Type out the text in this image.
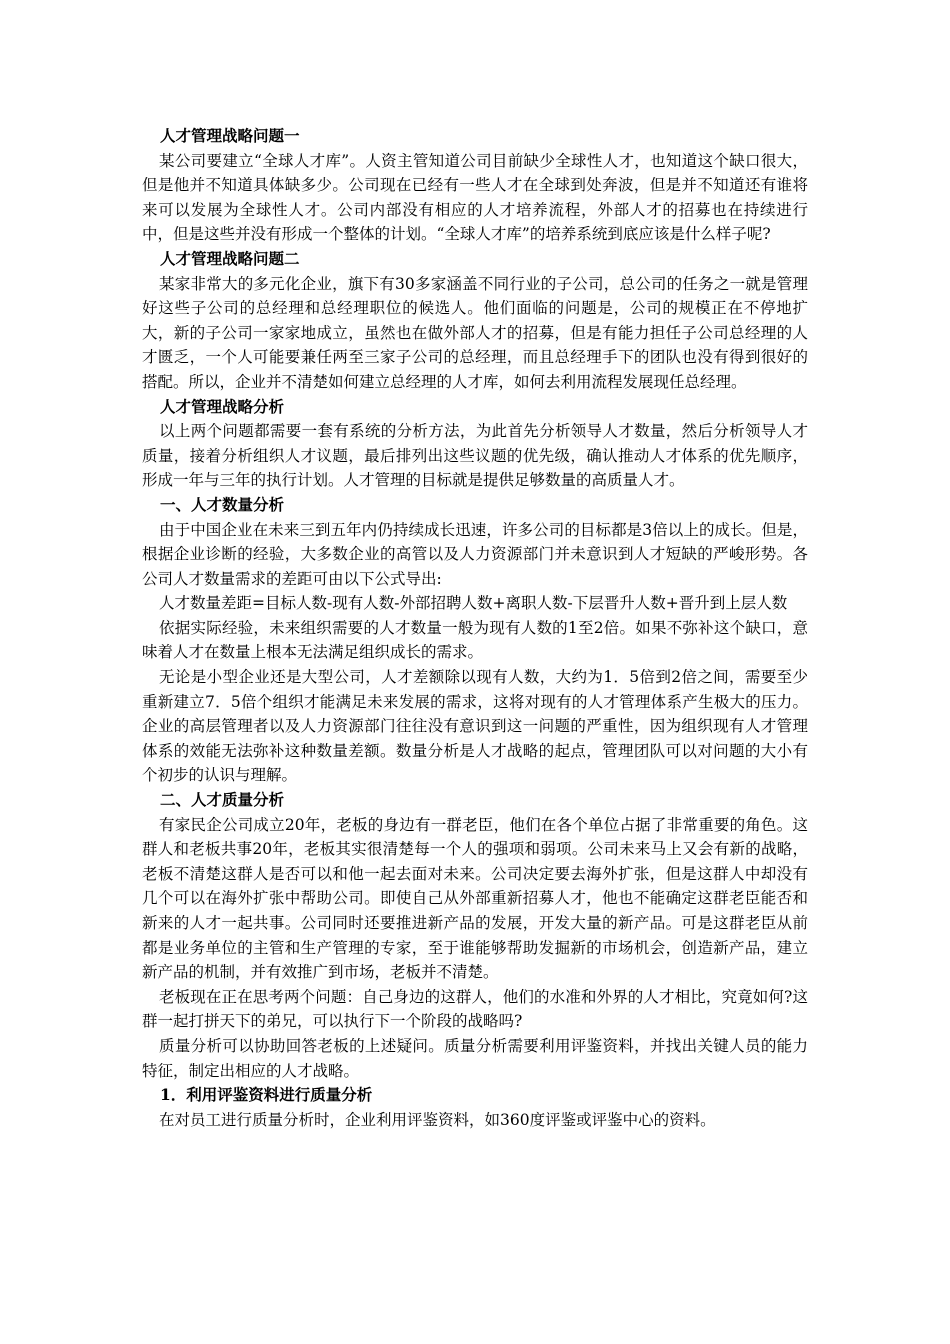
人才管理战略问题一

某公司要建立“全球人才库”。人资主管知道公司目前缺少全球性人才，也知道这个缺口很大，但是他并不知道具体缺多少。公司现在已经有一些人才在全球到处奔波，但是并不知道还有谁将来可以发展为全球性人才。公司内部没有相应的人才培养流程，外部人才的招募也在持续进行中，但是这些并没有形成一个整体的计划。“全球人才库”的培养系统到底应该是什么样子呢?

人才管理战略问题二

某家非常大的多元化企业，旗下有30多家涵盖不同行业的子公司，总公司的任务之一就是管理好这些子公司的总经理和总经理职位的候选人。他们面临的问题是，公司的规模正在不停地扩大，新的子公司一家家地成立，虽然也在做外部人才的招募，但是有能力担任子公司总经理的人才匮乏，一个人可能要兼任两至三家子公司的总经理，而且总经理手下的团队也没有得到很好的搭配。所以，企业并不清楚如何建立总经理的人才库，如何去利用流程发展现任总经理。

人才管理战略分析

以上两个问题都需要一套有系统的分析方法，为此首先分析领导人才数量，然后分析领导人才质量，接着分析组织人才议题，最后排列出这些议题的优先级，确认推动人才体系的优先顺序，形成一年与三年的执行计划。人才管理的目标就是提供足够数量的高质量人才。

一、人才数量分析

由于中国企业在未来三到五年内仍持续成长迅速，许多公司的目标都是3倍以上的成长。但是，根据企业诊断的经验，大多数企业的高管以及人力资源部门并未意识到人才短缺的严峻形势。各公司人才数量需求的差距可由以下公式导出:

人才数量差距=目标人数-现有人数-外部招聘人数+离职人数-下层晋升人数+晋升到上层人数

依据实际经验，未来组织需要的人才数量一般为现有人数的1至2倍。如果不弥补这个缺口，意味着人才在数量上根本无法满足组织成长的需求。

无论是小型企业还是大型公司，人才差额除以现有人数，大约为1．5倍到2倍之间，需要至少重新建立7．5倍个组织才能满足未来发展的需求，这将对现有的人才管理体系产生极大的压力。企业的高层管理者以及人力资源部门往往没有意识到这一问题的严重性，因为组织现有人才管理体系的效能无法弥补这种数量差额。数量分析是人才战略的起点，管理团队可以对问题的大小有个初步的认识与理解。

二、人才质量分析

有家民企公司成立20年，老板的身边有一群老臣，他们在各个单位占据了非常重要的角色。这群人和老板共事20年，老板其实很清楚每一个人的强项和弱项。公司未来马上又会有新的战略，老板不清楚这群人是否可以和他一起去面对未来。公司决定要去海外扩张，但是这群人中却没有几个可以在海外扩张中帮助公司。即使自己从外部重新招募人才，他也不能确定这群老臣能否和新来的人才一起共事。公司同时还要推进新产品的发展，开发大量的新产品。可是这群老臣从前都是业务单位的主管和生产管理的专家，至于谁能够帮助发掘新的市场机会，创造新产品，建立新产品的机制，并有效推广到市场，老板并不清楚。

老板现在正在思考两个问题：自己身边的这群人，他们的水准和外界的人才相比，究竟如何?这群一起打拼天下的弟兄，可以执行下一个阶段的战略吗?

质量分析可以协助回答老板的上述疑问。质量分析需要利用评鉴资料，并找出关键人员的能力特征，制定出相应的人才战略。

1．利用评鉴资料进行质量分析

在对员工进行质量分析时，企业利用评鉴资料，如360度评鉴或评鉴中心的资料。
